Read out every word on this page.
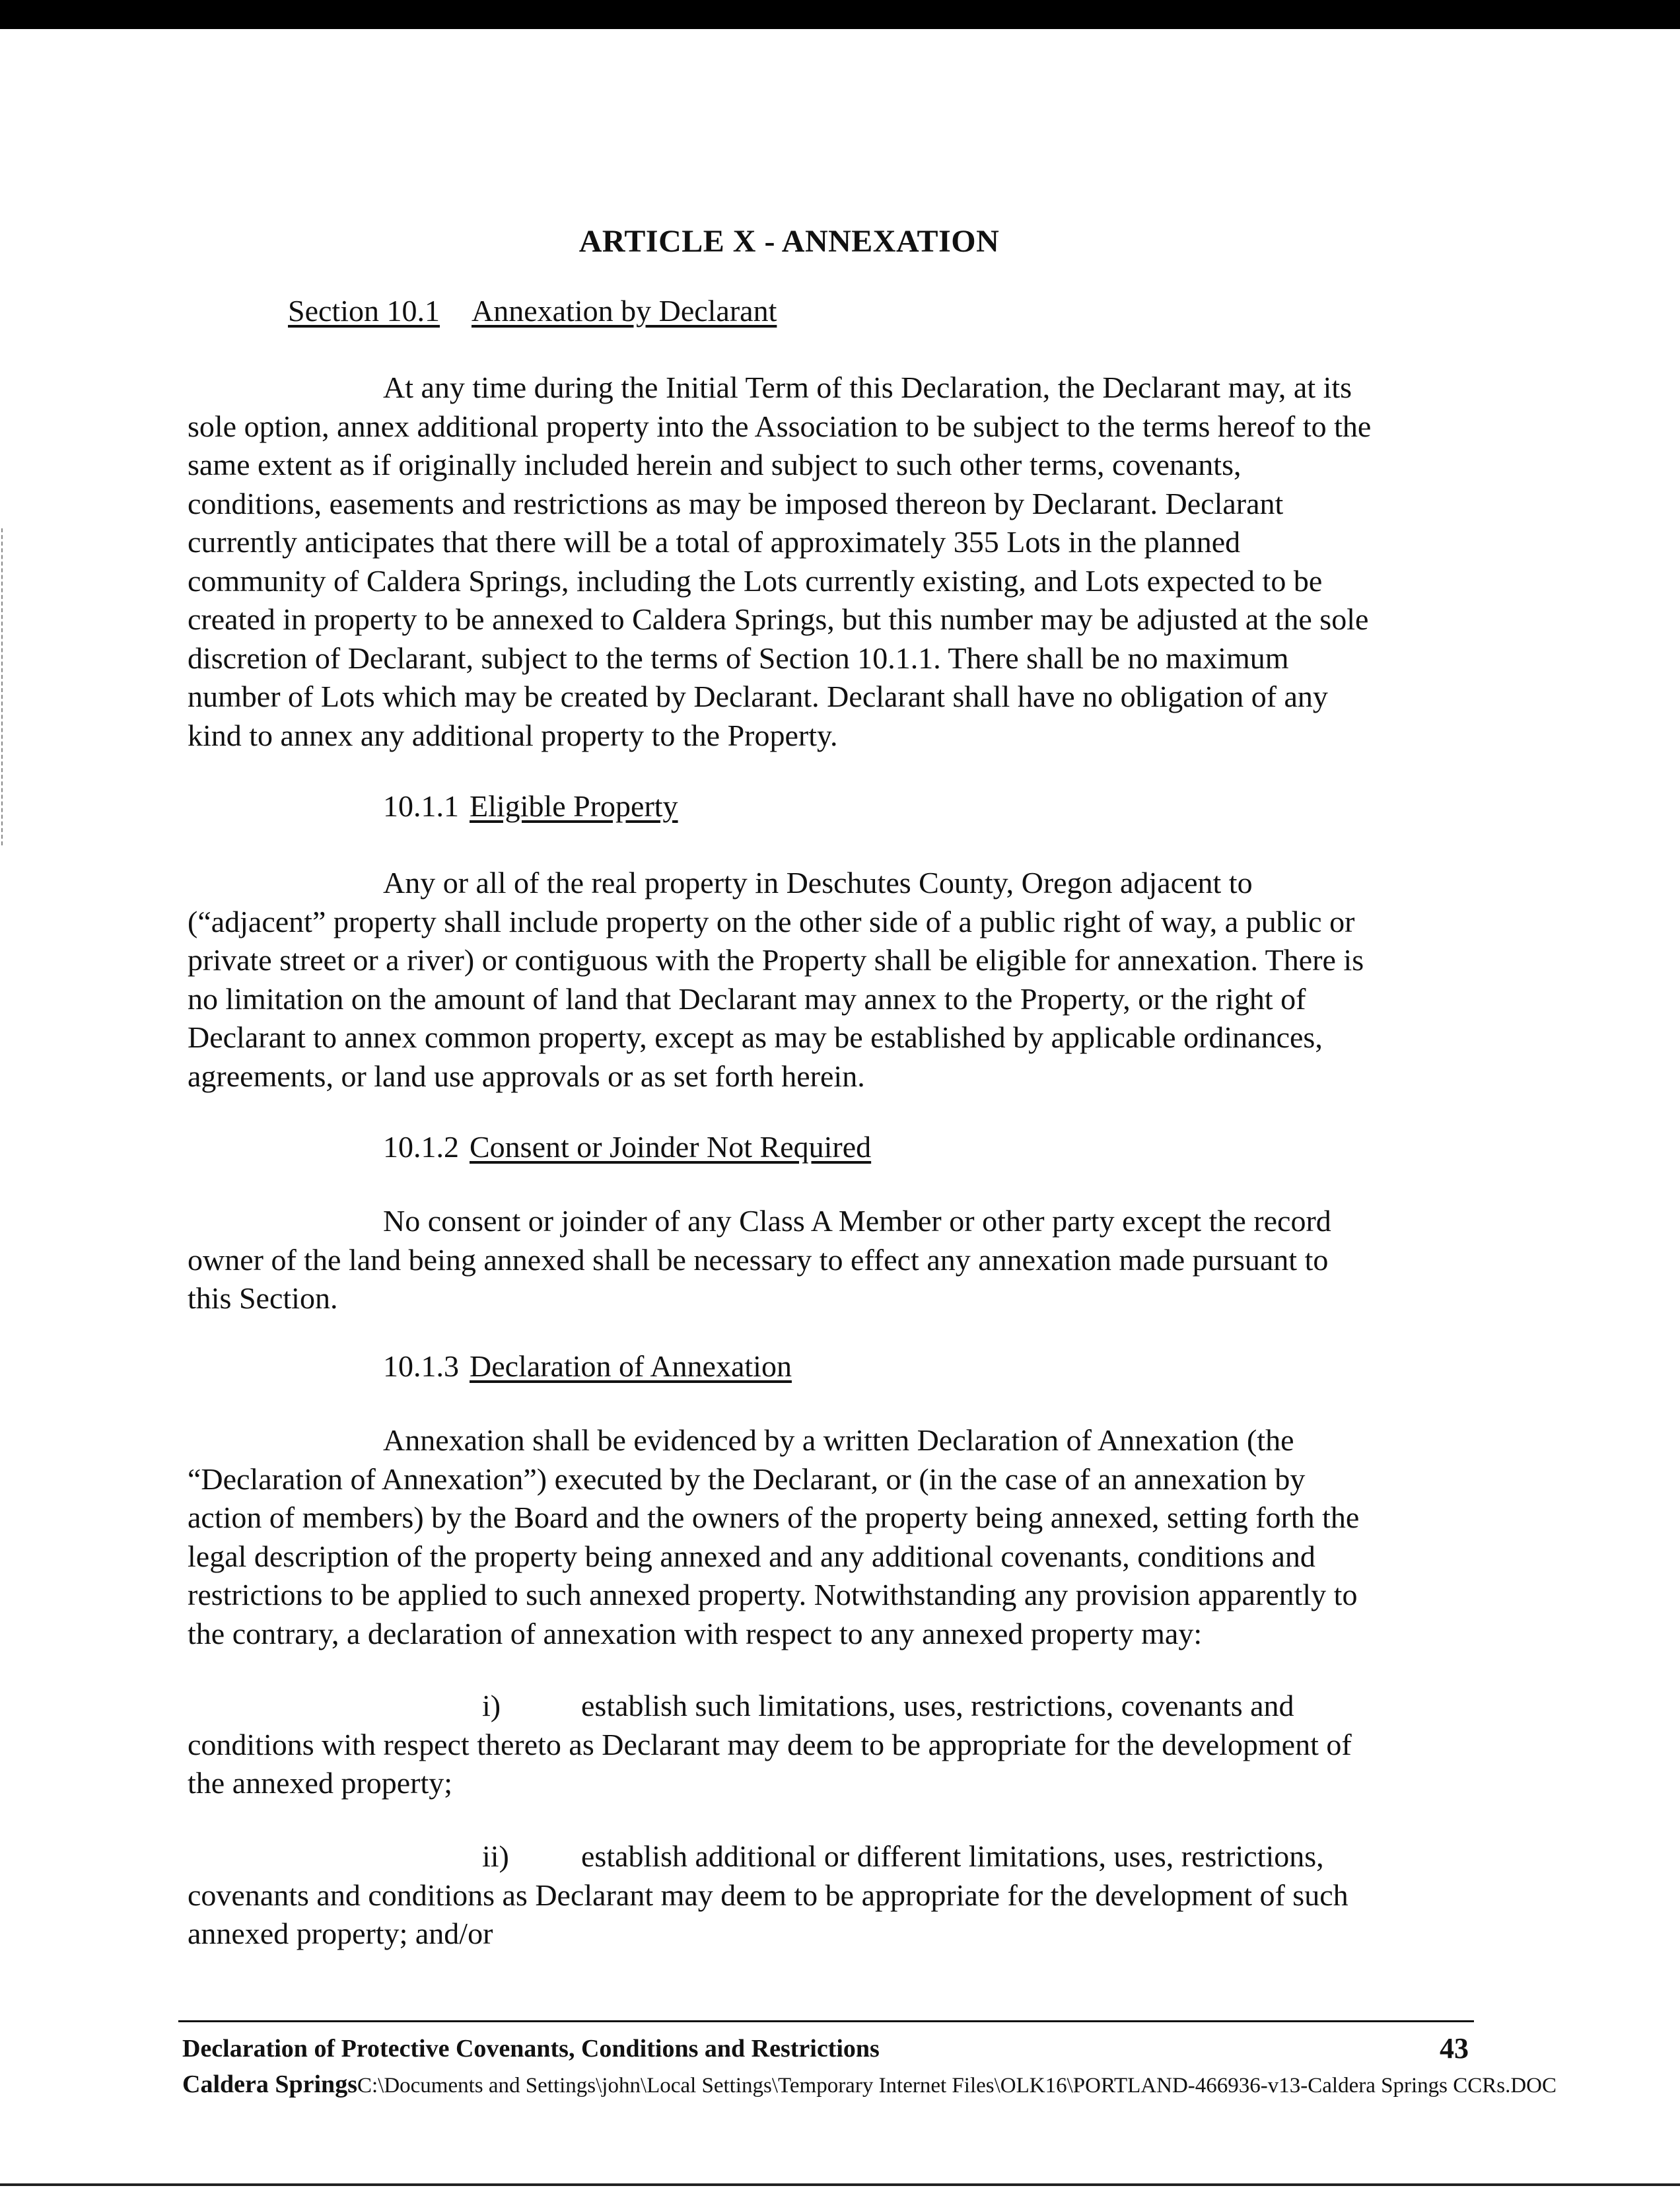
ARTICLE X - ANNEXATION
Section 10.1 Annexation by Declarant

At any time during the Initial Term of this Declaration, the Declarant may, at its
sole option, annex additional property into the Association to be subject to the terms hereof to the
same extent as if originally included herein and subject to such other terms, covenants,
conditions, easements and restrictions as may be imposed thereon by Declarant. Declarant
currently anticipates that there will be a total of approximately 355 Lots in the planned
community of Caldera Springs, including the Lots currently existing, and Lots expected to be
created in property to be annexed to Caldera Springs, but this number may be adjusted at the sole
discretion of Declarant, subject to the terms of Section 10.1.1. There shall be no maximum
number of Lots which may be created by Declarant. Declarant shall have no obligation of any
kind to annex any additional property to the Property.

10.1.1 Eligible Property

Any or all of the real property in Deschutes County, Oregon adjacent to
(“adjacent” property shall include property on the other side of a public right of way, a public or
private street or a river) or contiguous with the Property shall be eligible for annexation. There is
no limitation on the amount of land that Declarant may annex to the Property, or the right of
Declarant to annex common property, except as may be established by applicable ordinances,
agreements, or land use approvals or as set forth herein.

10.1.2 Consent or Joinder Not Required

No consent or joinder of any Class A Member or other party except the record
owner of the land being annexed shall be necessary to effect any annexation made pursuant to
this Section.

10.1.3 Declaration of Annexation

Annexation shall be evidenced by a written Declaration of Annexation (the
“Declaration of Annexation”) executed by the Declarant, or (in the case of an annexation by
action of members) by the Board and the owners of the property being annexed, setting forth the
legal description of the property being annexed and any additional covenants, conditions and
restrictions to be applied to such annexed property. Notwithstanding any provision apparently to
the contrary, a declaration of annexation with respect to any annexed property may:

i)	establish such limitations, uses, restrictions, covenants and
conditions with respect thereto as Declarant may deem to be appropriate for the development of
the annexed property;

ii) establish additional or different limitations, uses, restrictions,
covenants and conditions as Declarant may deem to be appropriate for the development of such
annexed property; and/or

Declaration of Protective Covenants, Conditions and Restrictions	43
Caldera SpringsC:\Documents and Settings\john\Local Settings\Temporary Internet Files\OLK16\PORTLAND-466936-v13-Caldera Springs CCRs.DOC
